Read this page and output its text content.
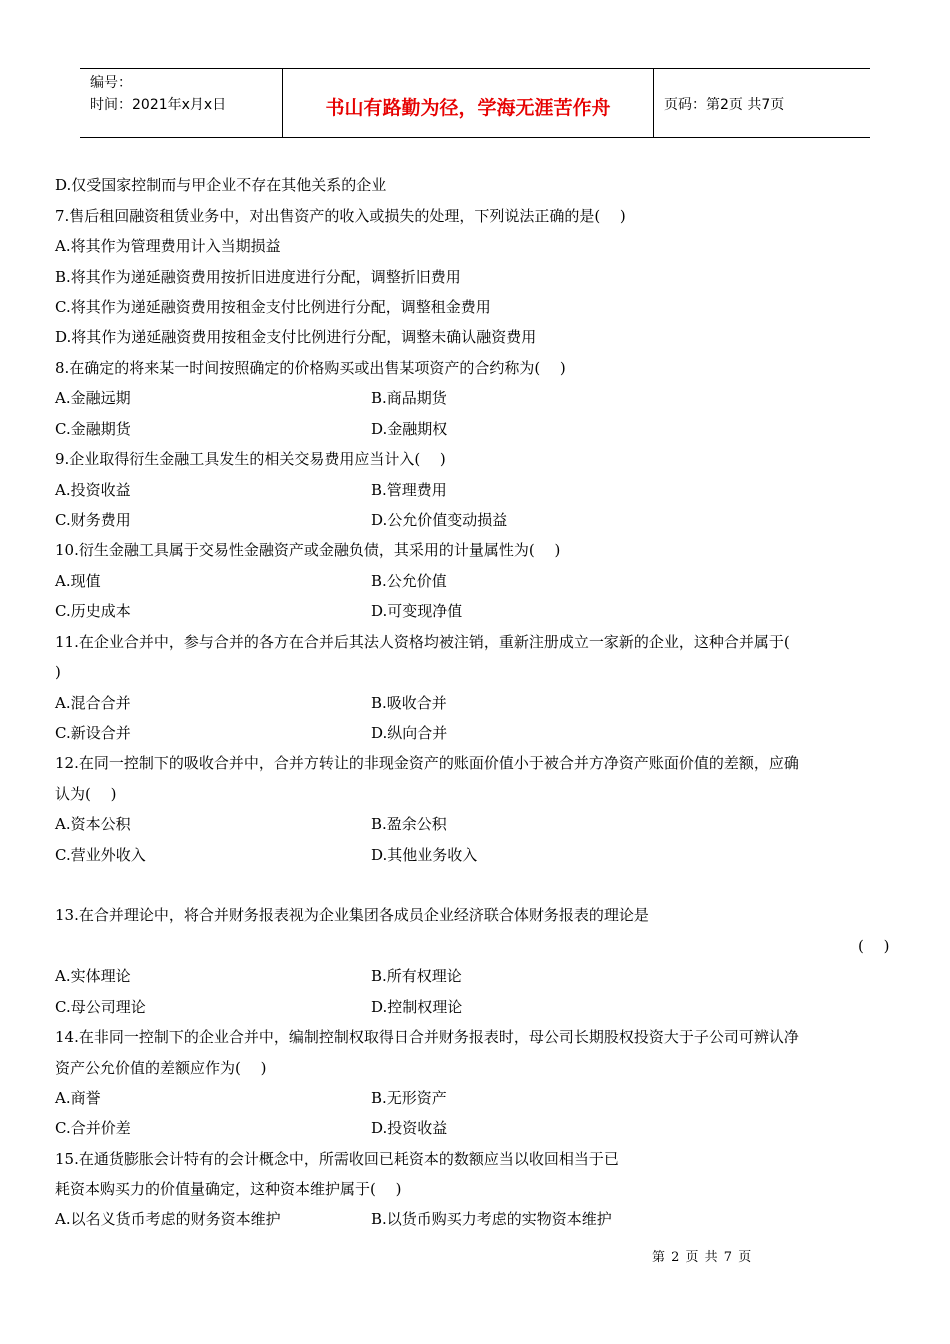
编号：
时间：2021年x月x日	书山有路勤为径，学海无涯苦作舟	页码：第2页 共7页
D.仅受国家控制而与甲企业不存在其他关系的企业
7.售后租回融资租赁业务中，对出售资产的收入或损失的处理，下列说法正确的是(　 )
A.将其作为管理费用计入当期损益
B.将其作为递延融资费用按折旧进度进行分配，调整折旧费用
C.将其作为递延融资费用按租金支付比例进行分配，调整租金费用
D.将其作为递延融资费用按租金支付比例进行分配，调整未确认融资费用
8.在确定的将来某一时间按照确定的价格购买或出售某项资产的合约称为(　 )
A.金融远期	B.商品期货
C.金融期货	D.金融期权
9.企业取得衍生金融工具发生的相关交易费用应当计入(　 )
A.投资收益	B.管理费用
C.财务费用	D.公允价值变动损益
10.衍生金融工具属于交易性金融资产或金融负债，其采用的计量属性为(　 )
A.现值	B.公允价值
C.历史成本	D.可变现净值
11.在企业合并中，参与合并的各方在合并后其法人资格均被注销，重新注册成立一家新的企业，这种合并属于(
)
A.混合合并	B.吸收合并
C.新设合并	D.纵向合并
12.在同一控制下的吸收合并中，合并方转让的非现金资产的账面价值小于被合并方净资产账面价值的差额，应确
认为(　 )
A.资本公积	B.盈余公积
C.营业外收入	D.其他业务收入
13.在合并理论中，将合并财务报表视为企业集团各成员企业经济联合体财务报表的理论是
(　 )
A.实体理论	B.所有权理论
C.母公司理论	D.控制权理论
14.在非同一控制下的企业合并中，编制控制权取得日合并财务报表时，母公司长期股权投资大于子公司可辨认净
资产公允价值的差额应作为(　 )
A.商誉	B.无形资产
C.合并价差	D.投资收益
15.在通货膨胀会计特有的会计概念中，所需收回已耗资本的数额应当以收回相当于已
耗资本购买力的价值量确定，这种资本维护属于(　 )
A.以名义货币考虑的财务资本维护	B.以货币购买力考虑的实物资本维护
第 2 页 共 7 页
